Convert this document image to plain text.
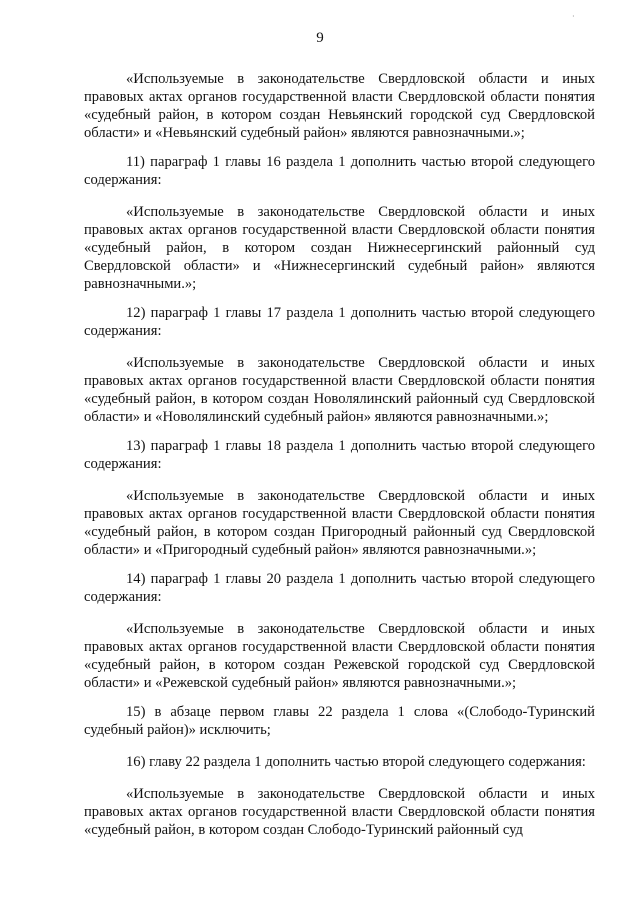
·
9

«Используемые в законодательстве Свердловской области и иных правовых актах органов государственной власти Свердловской области понятия «судебный район, в котором создан Невьянский городской суд Свердловской области» и «Невьянский судебный район» являются равнозначными.»;

11) параграф 1 главы 16 раздела 1 дополнить частью второй следующего содержания:

«Используемые в законодательстве Свердловской области и иных правовых актах органов государственной власти Свердловской области понятия «судебный район, в котором создан Нижнесергинский районный суд Свердловской области» и «Нижнесергинский судебный район» являются равнозначными.»;

12) параграф 1 главы 17 раздела 1 дополнить частью второй следующего содержания:

«Используемые в законодательстве Свердловской области и иных правовых актах органов государственной власти Свердловской области понятия «судебный район, в котором создан Новолялинский районный суд Свердловской области» и «Новолялинский судебный район» являются равнозначными.»;

13) параграф 1 главы 18 раздела 1 дополнить частью второй следующего содержания:

«Используемые в законодательстве Свердловской области и иных правовых актах органов государственной власти Свердловской области понятия «судебный район, в котором создан Пригородный районный суд Свердловской области» и «Пригородный судебный район» являются равнозначными.»;

14) параграф 1 главы 20 раздела 1 дополнить частью второй следующего содержания:

«Используемые в законодательстве Свердловской области и иных правовых актах органов государственной власти Свердловской области понятия «судебный район, в котором создан Режевской городской суд Свердловской области» и «Режевской судебный район» являются равнозначными.»;

15) в абзаце первом главы 22 раздела 1 слова «(Слободо-Туринский судебный район)» исключить;

16) главу 22 раздела 1 дополнить частью второй следующего содержания:

«Используемые в законодательстве Свердловской области и иных правовых актах органов государственной власти Свердловской области понятия «судебный район, в котором создан Слободо-Туринский районный суд
